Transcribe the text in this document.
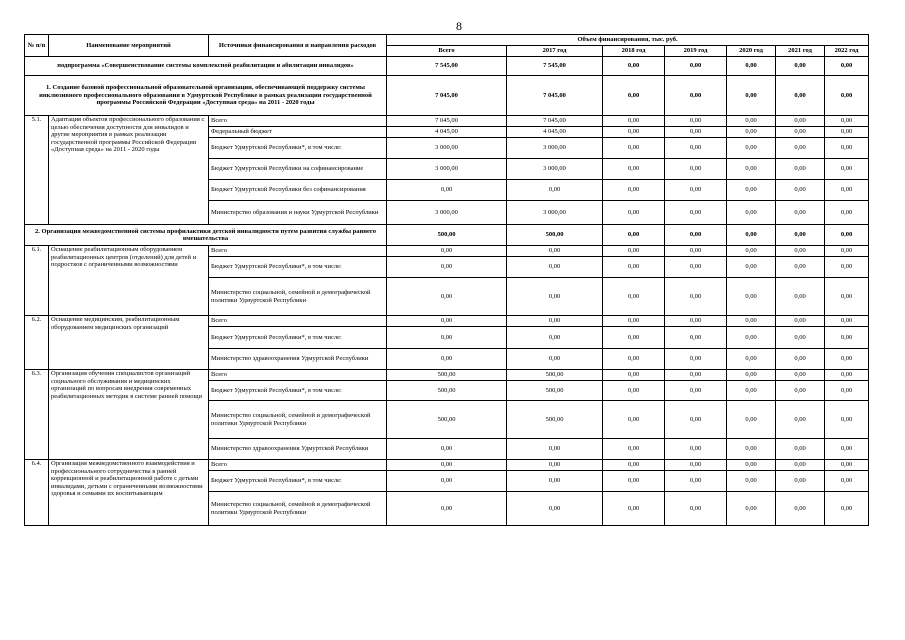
8
№ п/п	Наименование мероприятий	Источники финансирования и направления расходов	Объем финансирования, тыс. руб.						
			Всего	2017 год	2018 год	2019 год	2020 год	2021 год	2022 год
подпрограмма «Совершенствование системы комплексной реабилитации и абилитации инвалидов»			7 545,00	7 545,00	0,00	0,00	0,00	0,00	0,00
1. Создание базовой профессиональной образовательной организации, обеспечивающей поддержку системы инклюзивного профессионального образования в Удмуртской Республике в рамках реализации государственной программы Российской Федерации «Доступная среда» на 2011 - 2020 годы			7 045,00	7 045,00	0,00	0,00	0,00	0,00	0,00
5.1.	Адаптация объектов профессионального образования с целью обеспечения доступности для инвалидов и другие мероприятия в рамках реализации государственной программы Российской Федерации «Доступная среда» на 2011 - 2020 годы	Всего	7 045,00	7 045,00	0,00	0,00	0,00	0,00	0,00
		Федеральный бюджет	4 045,00	4 045,00	0,00	0,00	0,00	0,00	0,00
		Бюджет Удмуртской Республики*, в том числе:	3 000,00	3 000,00	0,00	0,00	0,00	0,00	0,00
		Бюджет Удмуртской Республики на софинансирование	3 000,00	3 000,00	0,00	0,00	0,00	0,00	0,00
		Бюджет Удмуртской Республики без софинансирования	0,00	0,00	0,00	0,00	0,00	0,00	0,00
		Министерство образования и науки Удмуртской Республики	3 000,00	3 000,00	0,00	0,00	0,00	0,00	0,00
2. Организация межведомственной системы профилактики детской инвалидности путем развития службы раннего вмешательства			500,00	500,00	0,00	0,00	0,00	0,00	0,00
6.1.	Оснащение реабилитационным оборудованием реабилитационных центров (отделений) для детей и подростков с ограниченными возможностями	Всего	0,00	0,00	0,00	0,00	0,00	0,00	0,00
		Бюджет Удмуртской Республики*, в том числе:	0,00	0,00	0,00	0,00	0,00	0,00	0,00
		Министерство социальной, семейной и демографической политики Удмуртской Республики	0,00	0,00	0,00	0,00	0,00	0,00	0,00
6.2.	Оснащение медицинским, реабилитационным оборудованием медицинских организаций	Всего	0,00	0,00	0,00	0,00	0,00	0,00	0,00
		Бюджет Удмуртской Республики*, в том числе:	0,00	0,00	0,00	0,00	0,00	0,00	0,00
		Министерство здравоохранения Удмуртской Республики	0,00	0,00	0,00	0,00	0,00	0,00	0,00
6.3.	Организация обучения специалистов организаций социального обслуживания и медицинских организаций по вопросам внедрения современных реабилитационных методик в системе ранней помощи	Всего	500,00	500,00	0,00	0,00	0,00	0,00	0,00
		Бюджет Удмуртской Республики*, в том числе:	500,00	500,00	0,00	0,00	0,00	0,00	0,00
		Министерство социальной, семейной и демографической политики Удмуртской Республики	500,00	500,00	0,00	0,00	0,00	0,00	0,00
		Министерство здравоохранения Удмуртской Республики	0,00	0,00	0,00	0,00	0,00	0,00	0,00
6.4.	Организация межведомственного взаимодействия и профессионального сотрудничества в ранней коррекционной и реабилитационной работе с детьми инвалидами, детьми с ограниченными возможностями здоровья и семьями их воспитывающим	Всего	0,00	0,00	0,00	0,00	0,00	0,00	0,00
		Бюджет Удмуртской Республики*, в том числе:	0,00	0,00	0,00	0,00	0,00	0,00	0,00
		Министерство социальной, семейной и демографической политики Удмуртской Республики	0,00	0,00	0,00	0,00	0,00	0,00	0,00
